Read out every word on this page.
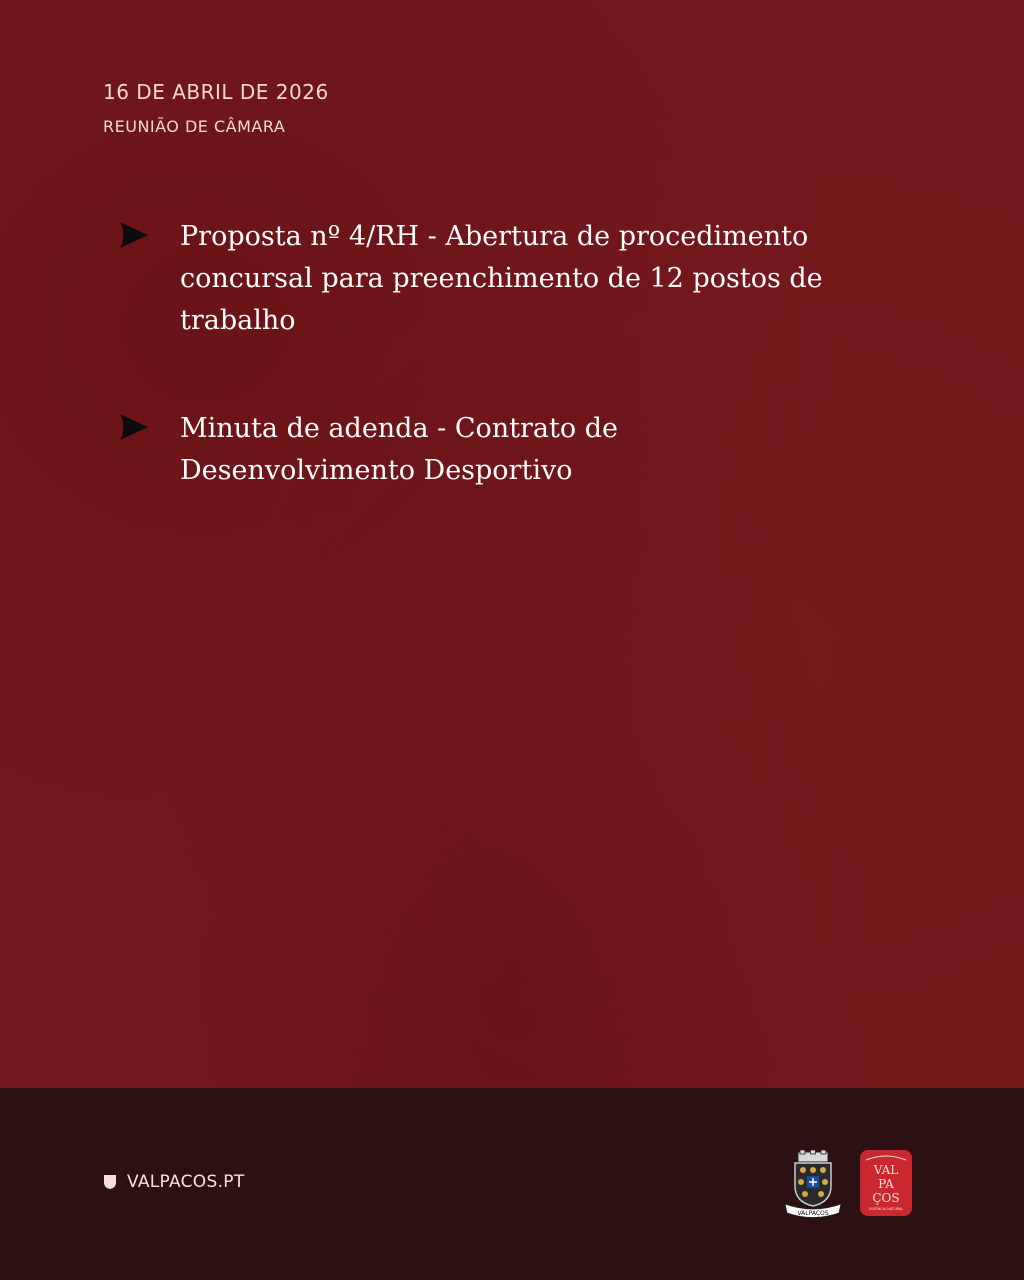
16 DE ABRIL DE 2026
REUNIÃO DE CÂMARA
Proposta nº 4/RH - Abertura de procedimento concursal para preenchimento de 12 postos de trabalho
Minuta de adenda - Contrato de Desenvolvimento Desportivo
VALPACOS.PT
VALPAÇOS
VAL
PA
ÇOS
ESSÊNCIA NATURAL
